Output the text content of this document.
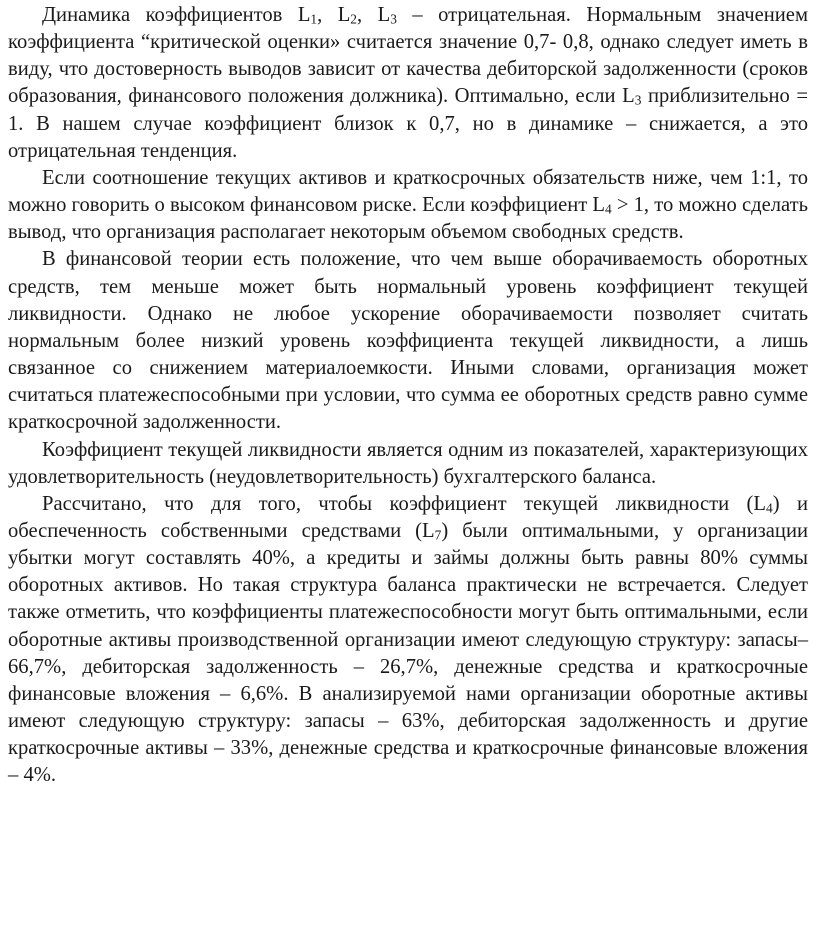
Динамика коэффициентов $L_1$, $L_2$, $L_3$ – отрицательная. Нормальным значением коэффициента “критической оценки» считается значение 0,7- 0,8, однако следует иметь в виду, что достоверность выводов зависит от качества дебиторской задолженности (сроков образования, финансового положения должника). Оптимально, если $L_3$ приблизительно = 1. В нашем случае коэффициент близок к 0,7, но в динамике – снижается, а это отрицательная тенденция.

Если соотношение текущих активов и краткосрочных обязательств ниже, чем 1:1, то можно говорить о высоком финансовом риске. Если коэффициент $L_4 > 1$, то можно сделать вывод, что организация располагает некоторым объемом свободных средств.

В финансовой теории есть положение, что чем выше оборачиваемость оборотных средств, тем меньше может быть нормальный уровень коэффициент текущей ликвидности. Однако не любое ускорение оборачиваемости позволяет считать нормальным более низкий уровень коэффициента текущей ликвидности, а лишь связанное со снижением материалоемкости. Иными словами, организация может считаться платежеспособными при условии, что сумма ее оборотных средств равно сумме краткосрочной задолженности.

Коэффициент текущей ликвидности является одним из показателей, характеризующих удовлетворительность (неудовлетворительность) бухгалтерского баланса.

Рассчитано, что для того, чтобы коэффициент текущей ликвидности $(L_4)$ и обеспеченность собственными средствами $(L_7)$ были оптимальными, у организации убытки могут составлять 40%, а кредиты и займы должны быть равны 80% суммы оборотных активов. Но такая структура баланса практически не встречается. Следует также отметить, что коэффициенты платежеспособности могут быть оптимальными, если оборотные активы производственной организации имеют следующую структуру: запасы– 66,7%, дебиторская задолженность – 26,7%, денежные средства и краткосрочные финансовые вложения – 6,6%. В анализируемой нами организации оборотные активы имеют следующую структуру: запасы – 63%, дебиторская задолженность и другие краткосрочные активы – 33%, денежные средства и краткосрочные финансовые вложения – 4%.
